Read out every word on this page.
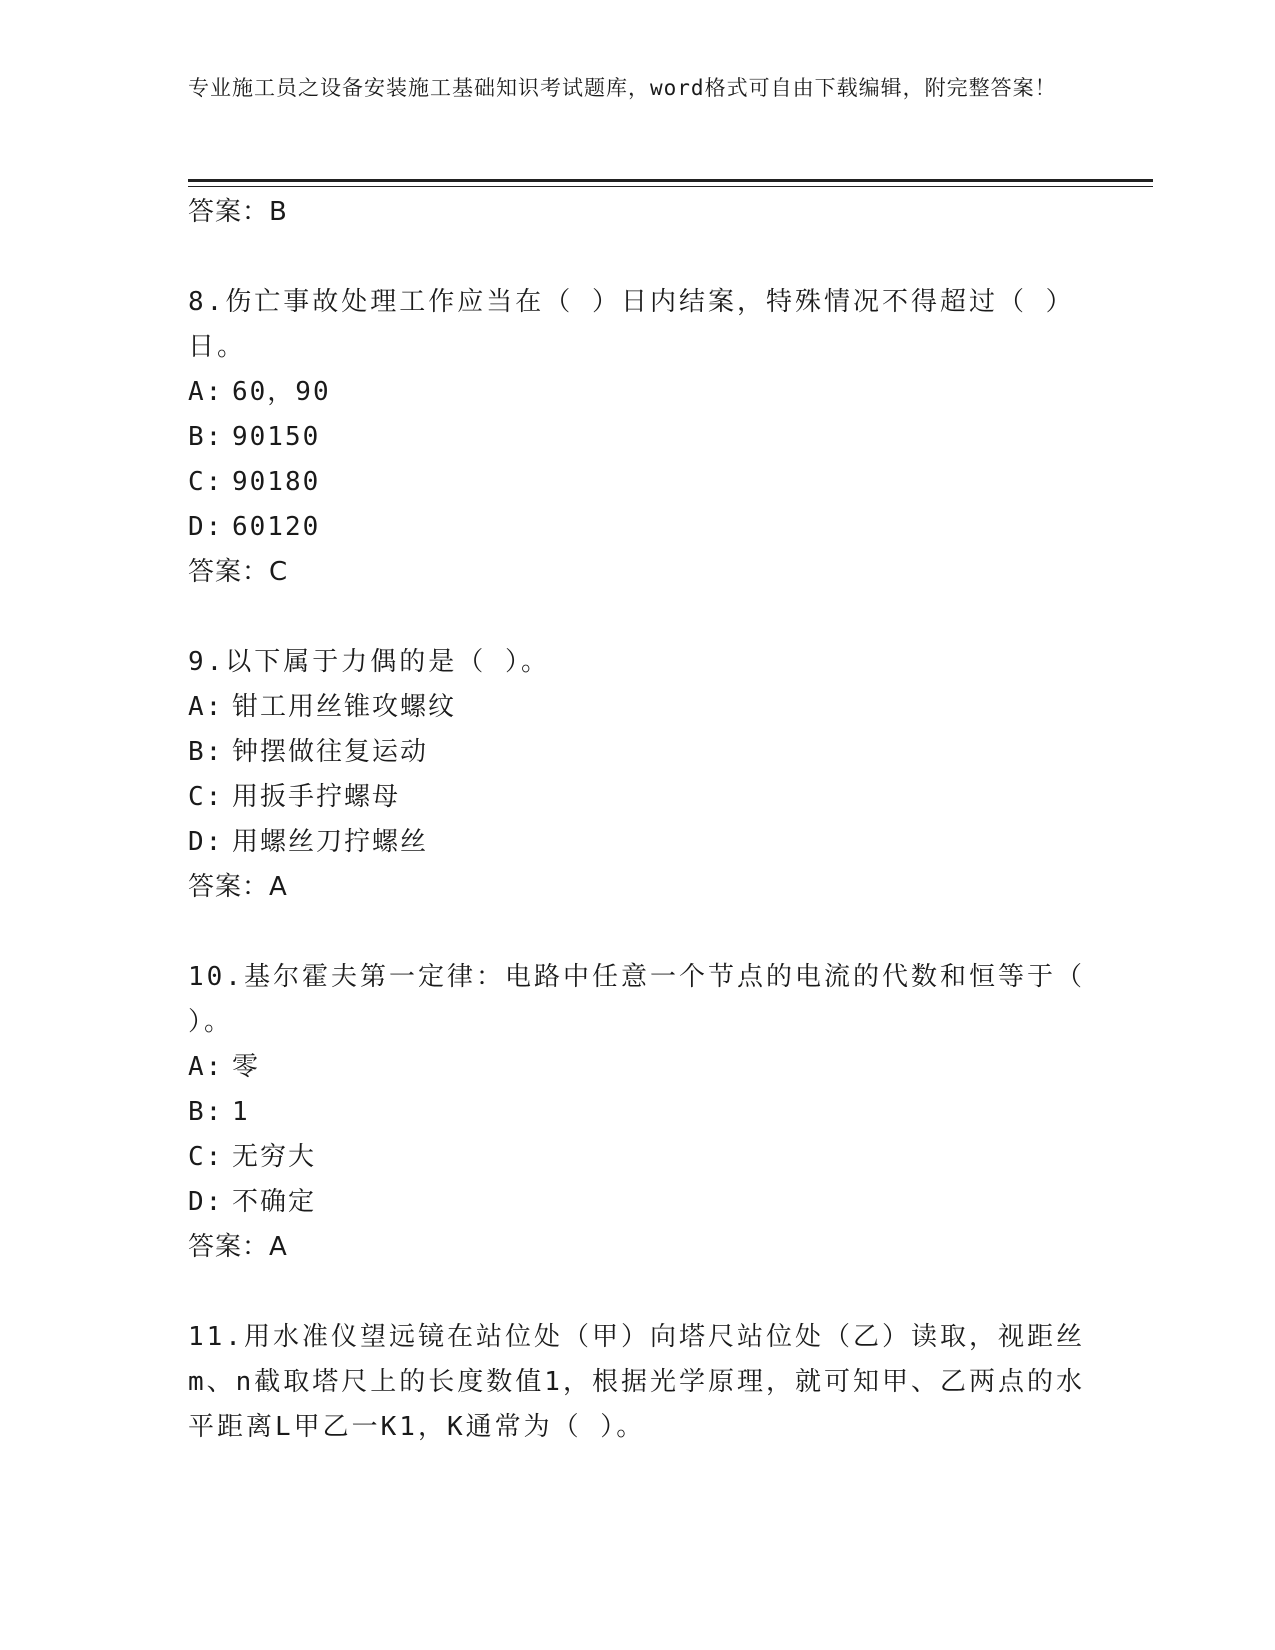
专业施工员之设备安装施工基础知识考试题库，word格式可自由下载编辑，附完整答案！
答案：B
8.伤亡事故处理工作应当在（ ）日内结案，特殊情况不得超过（ ）日。
A: 60，90
B: 90150
C: 90180
D: 60120
答案：C
9.以下属于力偶的是（ ）。
A: 钳工用丝锥攻螺纹
B: 钟摆做往复运动
C: 用扳手拧螺母
D: 用螺丝刀拧螺丝
答案：A
10.基尔霍夫第一定律：电路中任意一个节点的电流的代数和恒等于（ ）。
A: 零
B: 1
C: 无穷大
D: 不确定
答案：A
11.用水准仪望远镜在站位处（甲）向塔尺站位处（乙）读取，视距丝m、n截取塔尺上的长度数值1，根据光学原理，就可知甲、乙两点的水平距离L甲乙一K1，K通常为（ ）。
